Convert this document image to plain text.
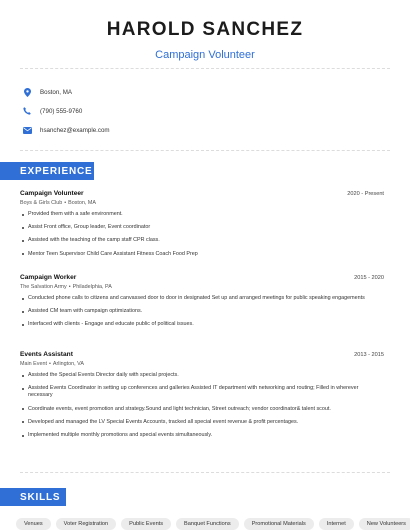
HAROLD SANCHEZ
Campaign Volunteer
Boston, MA
(790) 555-9760
hsanchez@example.com
EXPERIENCE
Campaign Volunteer	2020 - Present
Boys & Girls Club • Boston, MA
Provided them with a safe environment.
Assist Front office, Group leader, Event coordinator
Assisted with the teaching of the camp staff CPR class.
Mentor Teen Supervisor Child Care Assistant Fitness Coach Food Prep
Campaign Worker	2015 - 2020
The Salvation Army • Philadelphia, PA
Conducted phone calls to citizens and canvassed door to door in designated Set up and arranged meetings for public speaking engagements
Assisted CM team with campaign optimizations.
Interfaced with clients - Engage and educate public of political issues.
Events Assistant	2013 - 2015
Main Event • Arlington, VA
Assisted the Special Events Director daily with special projects.
Assisted Events Coordinator in setting up conferences and galleries Assisted IT department with networking and routing; Filled in wherever necessary
Coordinate events, event promotion and strategy.Sound and light technician, Street outreach; vendor coordinator& talent scout.
Developed and managed the LV Special Events Accounts, tracked all special event revenue & profit percentages.
Implemented multiple monthly promotions and special events simultaneously.
SKILLS
Venues	Voter Registration	Public Events	Banquet Functions	Promotional Materials	Internet	New Volunteers
